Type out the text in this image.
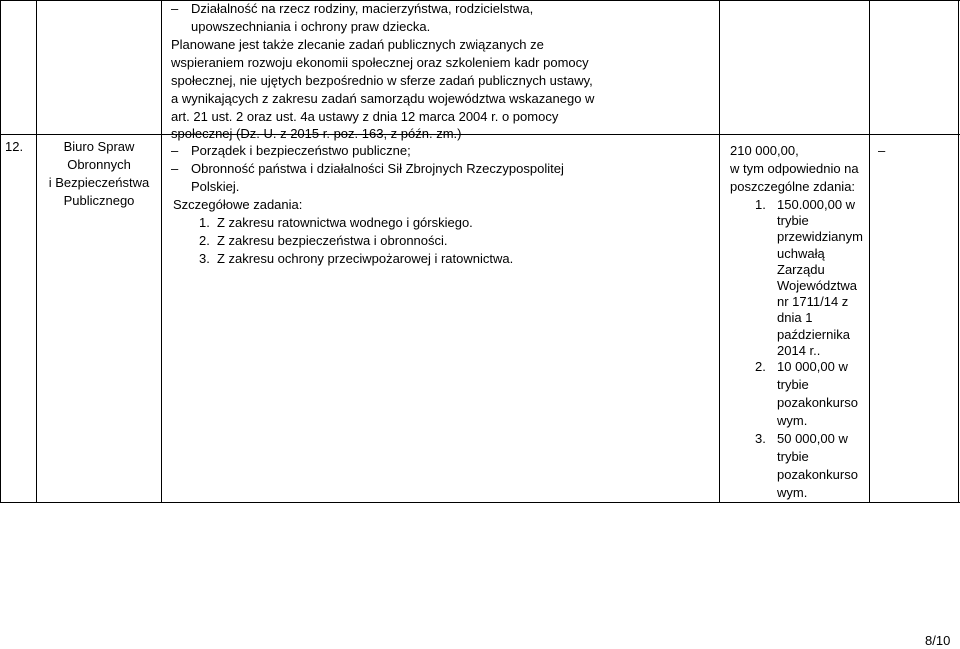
– Działalność na rzecz rodziny, macierzyństwa, rodzicielstwa,
upowszechniania i ochrony praw dziecka.
Planowane jest także zlecanie zadań publicznych związanych ze
wspieraniem rozwoju ekonomii społecznej oraz szkoleniem kadr pomocy
społecznej, nie ujętych bezpośrednio w sferze zadań publicznych ustawy,
a wynikających z zakresu zadań samorządu województwa wskazanego w
art. 21 ust. 2 oraz ust. 4a ustawy z dnia 12 marca 2004 r. o pomocy
społecznej (Dz. U. z 2015 r. poz. 163, z późn. zm.)
12.	Biuro Spraw
Obronnych
i Bezpieczeństwa
Publicznego
– Porządek i bezpieczeństwo publiczne;
– Obronność państwa i działalności Sił Zbrojnych Rzeczypospolitej
Polskiej.
Szczegółowe zadania:
1. Z zakresu ratownictwa wodnego i górskiego.
2. Z zakresu bezpieczeństwa i obronności.
3. Z zakresu ochrony przeciwpożarowej i ratownictwa.
210 000,00,
w tym odpowiednio na
poszczególne zdania:
1. 150.000,00 w
trybie
przewidzianym
uchwałą
Zarządu
Województwa
nr 1711/14 z
dnia 1
października
2014 r..
2. 10 000,00 w
trybie
pozakonkurso
wym.
3. 50 000,00 w
trybie
pozakonkurso
wym.
–
8/10
